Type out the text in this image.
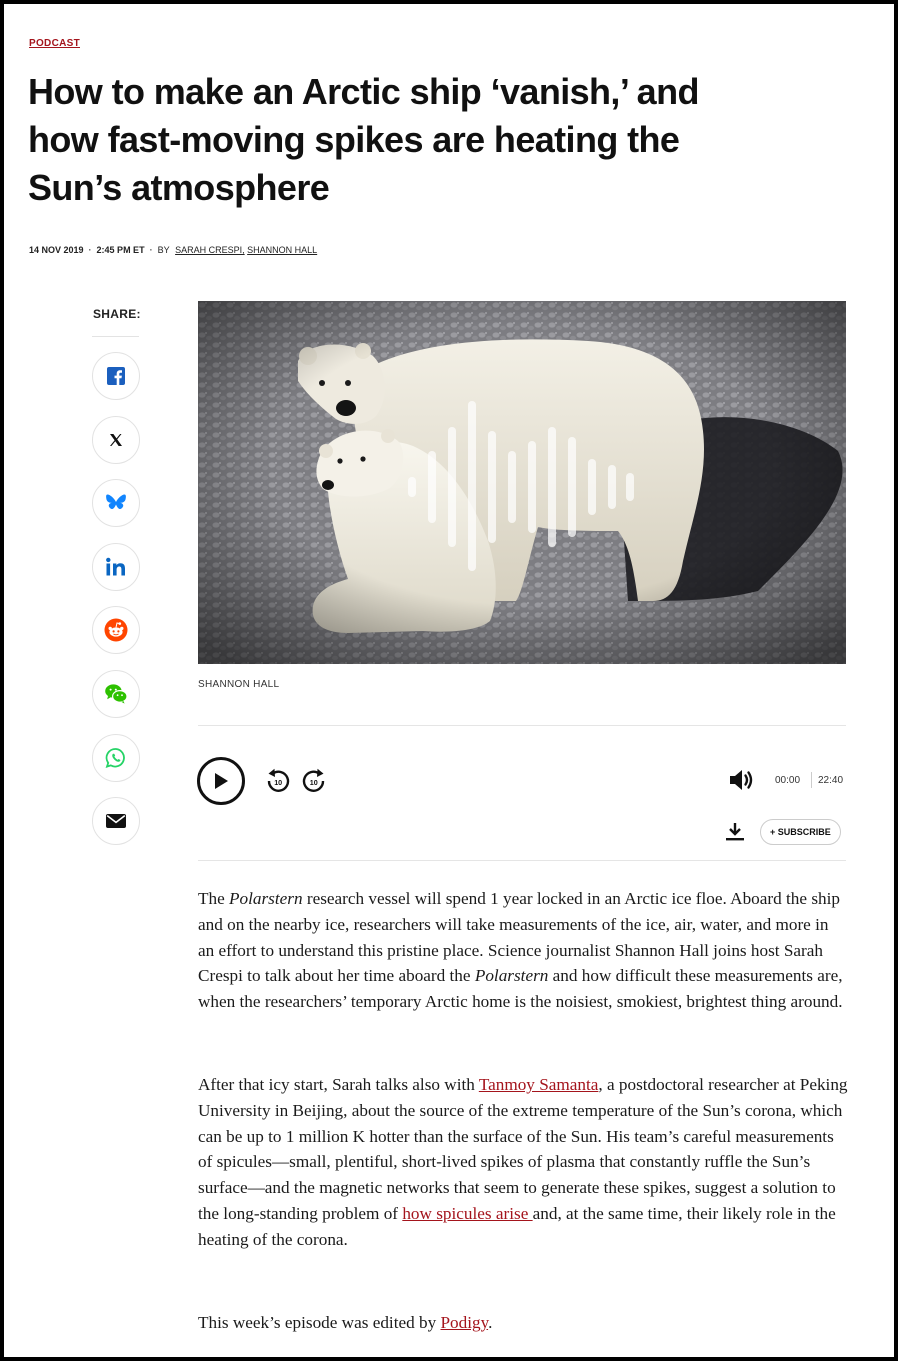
PODCAST
How to make an Arctic ship ‘vanish,’ and how fast-moving spikes are heating the Sun’s atmosphere
14 NOV 2019 · 2:45 PM ET · BY SARAH CRESPI, SHANNON HALL
SHARE:
SHANNON HALL
10	10	00:00 22:40
+ SUBSCRIBE

The Polarstern research vessel will spend 1 year locked in an Arctic ice floe. Aboard the ship and on the nearby ice, researchers will take measurements of the ice, air, water, and more in an effort to understand this pristine place. Science journalist Shannon Hall joins host Sarah Crespi to talk about her time aboard the Polarstern and how difficult these measurements are, when the researchers’ temporary Arctic home is the noisiest, smokiest, brightest thing around.

After that icy start, Sarah talks also with Tanmoy Samanta, a postdoctoral researcher at Peking University in Beijing, about the source of the extreme temperature of the Sun’s corona, which can be up to 1 million K hotter than the surface of the Sun. His team’s careful measurements of spicules—small, plentiful, short-lived spikes of plasma that constantly ruffle the Sun’s surface—and the magnetic networks that seem to generate these spikes, suggest a solution to the long-standing problem of how spicules arise and, at the same time, their likely role in the heating of the corona.

This week’s episode was edited by Podigy.
